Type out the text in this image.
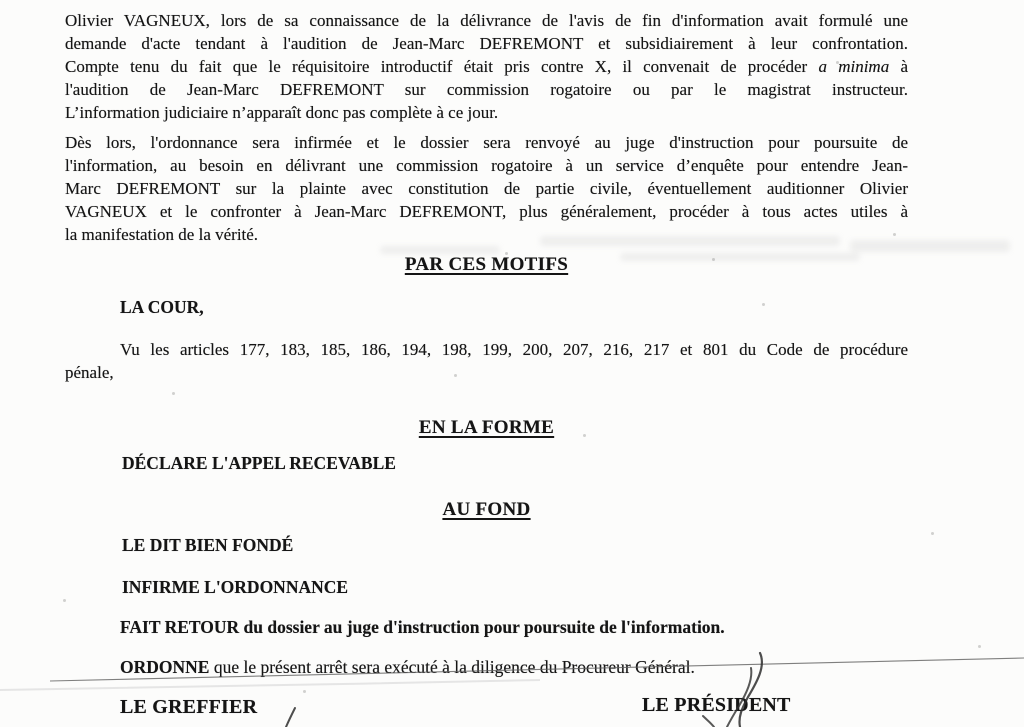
Olivier VAGNEUX, lors de sa connaissance de la délivrance de l'avis de fin d'information avait formulé une
demande d'acte tendant à l'audition de Jean-Marc DEFREMONT et subsidiairement à leur confrontation.
Compte tenu du fait que le réquisitoire introductif était pris contre X, il convenait de procéder a minima à
l'audition de Jean-Marc DEFREMONT sur commission rogatoire ou par le magistrat instructeur.
L’information judiciaire n’apparaît donc pas complète à ce jour.
Dès lors, l'ordonnance sera infirmée et le dossier sera renvoyé au juge d'instruction pour poursuite de
l'information, au besoin en délivrant une commission rogatoire à un service d’enquête pour entendre Jean-
Marc DEFREMONT sur la plainte avec constitution de partie civile, éventuellement auditionner Olivier
VAGNEUX et le confronter à Jean-Marc DEFREMONT, plus généralement, procéder à tous actes utiles à
la manifestation de la vérité.
PAR CES MOTIFS
LA COUR,
Vu les articles 177, 183, 185, 186, 194, 198, 199, 200, 207, 216, 217 et 801 du Code de procédure
pénale,
EN LA FORME
DÉCLARE L'APPEL RECEVABLE
AU FOND
LE DIT BIEN FONDÉ
INFIRME L'ORDONNANCE
FAIT RETOUR du dossier au juge d'instruction pour poursuite de l'information.
ORDONNE que le présent arrêt sera exécuté à la diligence du Procureur Général.
LE GREFFIER	LE PRÉSIDENT
